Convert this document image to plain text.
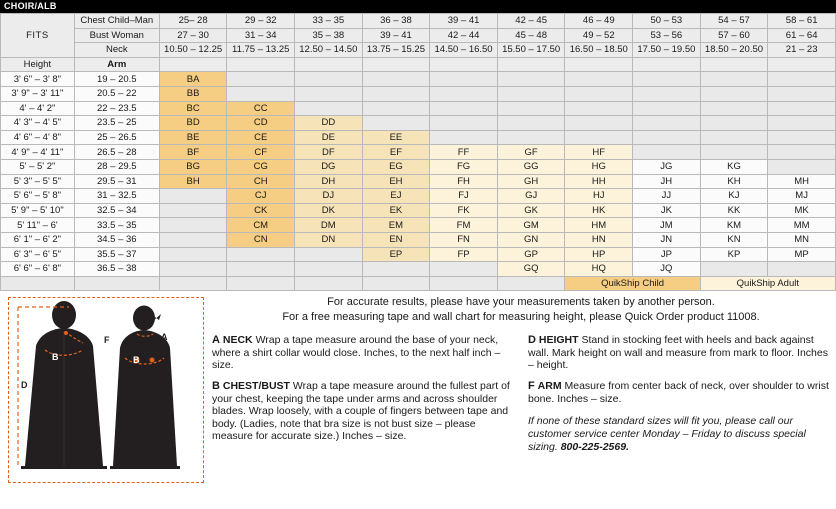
CHOIR/ALB
FITS	Chest Child–Man	25– 28	29 – 32	33 – 35	36 – 38	39 – 41	42 – 45	46 – 49	50 – 53	54 – 57	58 – 61
	Bust Woman	27 – 30	31 – 34	35 – 38	39 – 41	42 – 44	45 – 48	49 – 52	53 – 56	57 – 60	61 – 64
	Neck	10.50 – 12.25	11.75 – 13.25	12.50 – 14.50	13.75 – 15.25	14.50 – 16.50	15.50 – 17.50	16.50 – 18.50	17.50 – 19.50	18.50 – 20.50	21 – 23
Height	Arm										
3' 6" – 3' 8"	19 – 20.5	BA									
3' 9" – 3' 11"	20.5 – 22	BB									
4' – 4' 2"	22 – 23.5	BC	CC								
4' 3" – 4' 5"	23.5 – 25	BD	CD	DD							
4' 6" – 4' 8"	25 – 26.5	BE	CE	DE	EE						
4' 9" – 4' 11"	26.5 – 28	BF	CF	DF	EF	FF	GF	HF			
5' – 5' 2"	28 – 29.5	BG	CG	DG	EG	FG	GG	HG	JG	KG	
5' 3" – 5' 5"	29.5 – 31	BH	CH	DH	EH	FH	GH	HH	JH	KH	MH
5' 6" – 5' 8"	31 – 32.5		CJ	DJ	EJ	FJ	GJ	HJ	JJ	KJ	MJ
5' 9" – 5' 10"	32.5 – 34		CK	DK	EK	FK	GK	HK	JK	KK	MK
5' 11" – 6'	33.5 – 35		CM	DM	EM	FM	GM	HM	JM	KM	MM
6' 1" – 6' 2"	34.5 – 36		CN	DN	EN	FN	GN	HN	JN	KN	MN
6' 3" – 6' 5"	35.5 – 37				EP	FP	GP	HP	JP	KP	MP
6' 6" – 6' 8"	36.5 – 38						GQ	HQ	JQ		
								QuikShip Child		QuikShip Adult	
B
F
D
B
A
For accurate results, please have your measurements taken by another person.
For a free measuring tape and wall chart for measuring height, please Quick Order product 11008.
A NECK Wrap a tape measure around the base of your neck, where a shirt collar would close. Inches, to the next half inch – size.
B CHEST/BUST Wrap a tape measure around the fullest part of your chest, keeping the tape under arms and across shoulder blades. Wrap loosely, with a couple of fingers between tape and body. (Ladies, note that bra size is not bust size – please measure for accurate size.) Inches – size.
D HEIGHT Stand in stocking feet with heels and back against wall. Mark height on wall and measure from mark to floor. Inches – height.
F ARM Measure from center back of neck, over shoulder to wrist bone. Inches – size.
If none of these standard sizes will fit you, please call our customer service center Monday – Friday to discuss special sizing. 800-225-2569.
